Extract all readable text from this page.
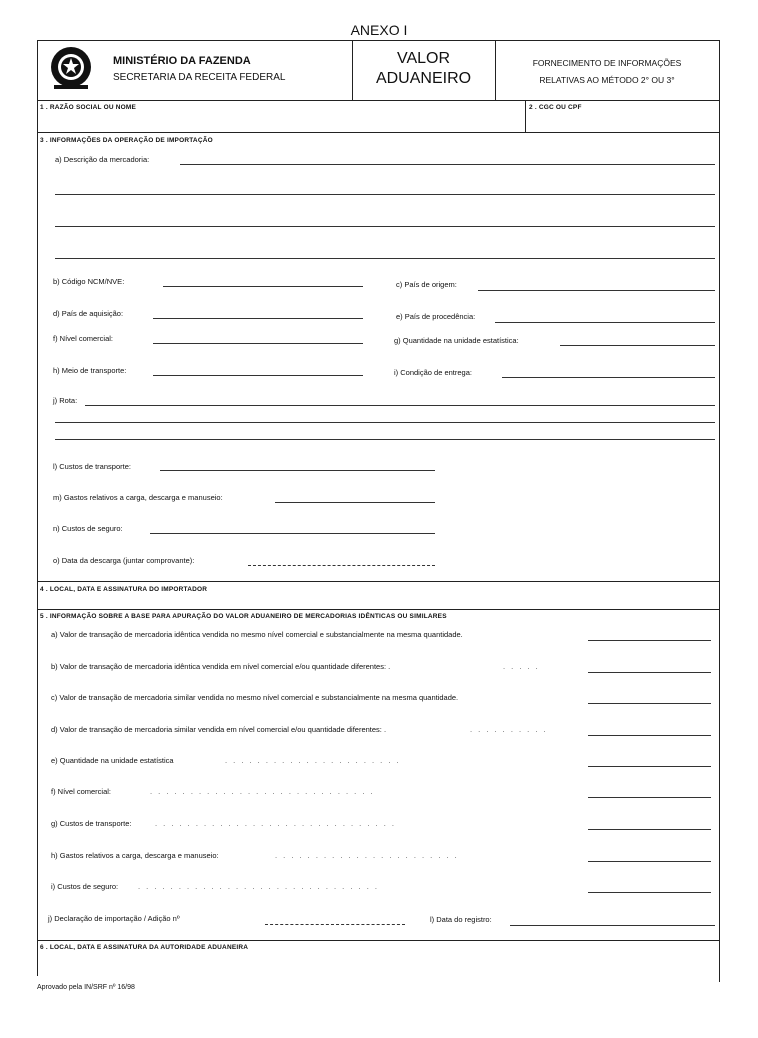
ANEXO I
MINISTÉRIO DA FAZENDA
SECRETARIA DA RECEITA FEDERAL
VALOR
ADUANEIRO
FORNECIMENTO DE INFORMAÇÕES
RELATIVAS AO MÉTODO 2° OU 3°
1 . RAZÃO SOCIAL OU NOME	2 . CGC OU CPF
3 . INFORMAÇÕES DA OPERAÇÃO DE IMPORTAÇÃO
a) Descrição da mercadoria:
b) Código NCM/NVE:	c) País de origem:
d) País de aquisição:	e) País de procedência:
f) Nível comercial:	g) Quantidade na unidade estatística:
h) Meio de transporte:	i) Condição de entrega:
j) Rota:
l) Custos de transporte:
m) Gastos relativos a carga, descarga e manuseio:
n) Custos de seguro:
o) Data da descarga (juntar comprovante):
4 . LOCAL, DATA E ASSINATURA DO IMPORTADOR
5 . INFORMAÇÃO SOBRE A BASE PARA APURAÇÃO DO VALOR ADUANEIRO DE MERCADORIAS IDÊNTICAS OU SIMILARES
a) Valor de transação de mercadoria idêntica vendida no mesmo nível comercial e substancialmente na mesma quantidade.
b) Valor de transação de mercadoria idêntica vendida em nível comercial e/ou quantidade diferentes: .	. . . . .
c) Valor de transação de mercadoria similar vendida no mesmo nível comercial e substancialmente na mesma quantidade.
d) Valor de transação de mercadoria similar vendida em nível comercial e/ou quantidade diferentes: .	. . . . . . . . . .
e) Quantidade na unidade estatística	. . . . . . . . . . . . . . . . . . . . . .
f) Nível comercial:	. . . . . . . . . . . . . . . . . . . . . . . . . . . .
g) Custos de transporte:	. . . . . . . . . . . . . . . . . . . . . . . . . . . . . .
h) Gastos relativos a carga, descarga e manuseio:	. . . . . . . . . . . . . . . . . . . . . . .
i) Custos de seguro:	. . . . . . . . . . . . . . . . . . . . . . . . . . . . . .
j) Declaração de importação / Adição nº	l) Data do registro:
6 . LOCAL, DATA E ASSINATURA DA AUTORIDADE ADUANEIRA
Aprovado pela IN/SRF nº 16/98
